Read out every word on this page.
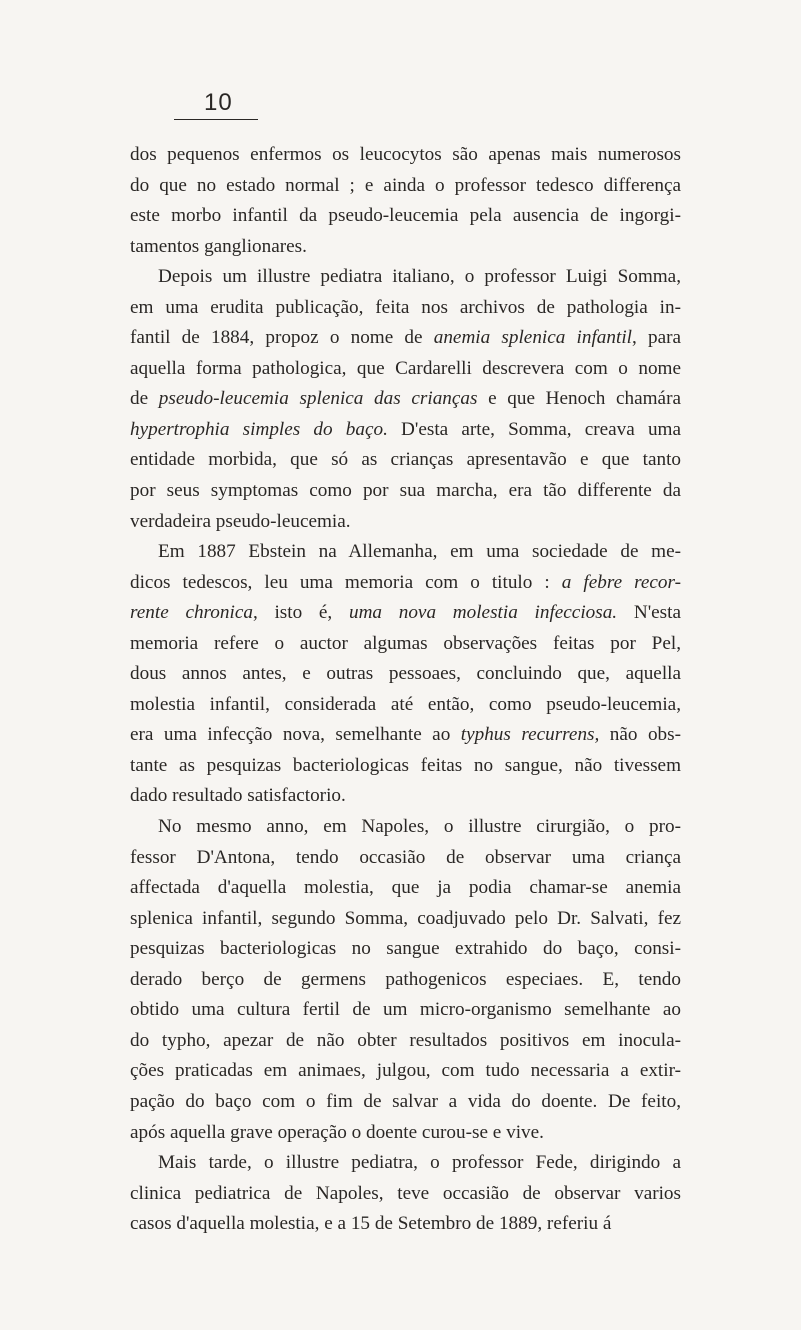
10
dos pequenos enfermos os leucocytos são apenas mais numerosos
do que no estado normal ; e ainda o professor tedesco differença
este morbo infantil da pseudo-leucemia pela ausencia de ingorgi-
tamentos ganglionares.
Depois um illustre pediatra italiano, o professor Luigi Somma,
em uma erudita publicação, feita nos archivos de pathologia in-
fantil de 1884, propoz o nome de anemia splenica infantil, para
aquella forma pathologica, que Cardarelli descrevera com o nome
de pseudo-leucemia splenica das crianças e que Henoch chamára
hypertrophia simples do baço. D'esta arte, Somma, creava uma
entidade morbida, que só as crianças apresentavão e que tanto
por seus symptomas como por sua marcha, era tão differente da
verdadeira pseudo-leucemia.
Em 1887 Ebstein na Allemanha, em uma sociedade de me-
dicos tedescos, leu uma memoria com o titulo : a febre recor-
rente chronica, isto é, uma nova molestia infecciosa. N'esta
memoria refere o auctor algumas observações feitas por Pel,
dous annos antes, e outras pessoaes, concluindo que, aquella
molestia infantil, considerada até então, como pseudo-leucemia,
era uma infecção nova, semelhante ao typhus recurrens, não obs-
tante as pesquizas bacteriologicas feitas no sangue, não tivessem
dado resultado satisfactorio.
No mesmo anno, em Napoles, o illustre cirurgião, o pro-
fessor D'Antona, tendo occasião de observar uma criança
affectada d'aquella molestia, que ja podia chamar-se anemia
splenica infantil, segundo Somma, coadjuvado pelo Dr. Salvati, fez
pesquizas bacteriologicas no sangue extrahido do baço, consi-
derado berço de germens pathogenicos especiaes. E, tendo
obtido uma cultura fertil de um micro-organismo semelhante ao
do typho, apezar de não obter resultados positivos em inocula-
ções praticadas em animaes, julgou, com tudo necessaria a extir-
pação do baço com o fim de salvar a vida do doente. De feito,
após aquella grave operação o doente curou-se e vive.
Mais tarde, o illustre pediatra, o professor Fede, dirigindo a
clinica pediatrica de Napoles, teve occasião de observar varios
casos d'aquella molestia, e a 15 de Setembro de 1889, referiu á
